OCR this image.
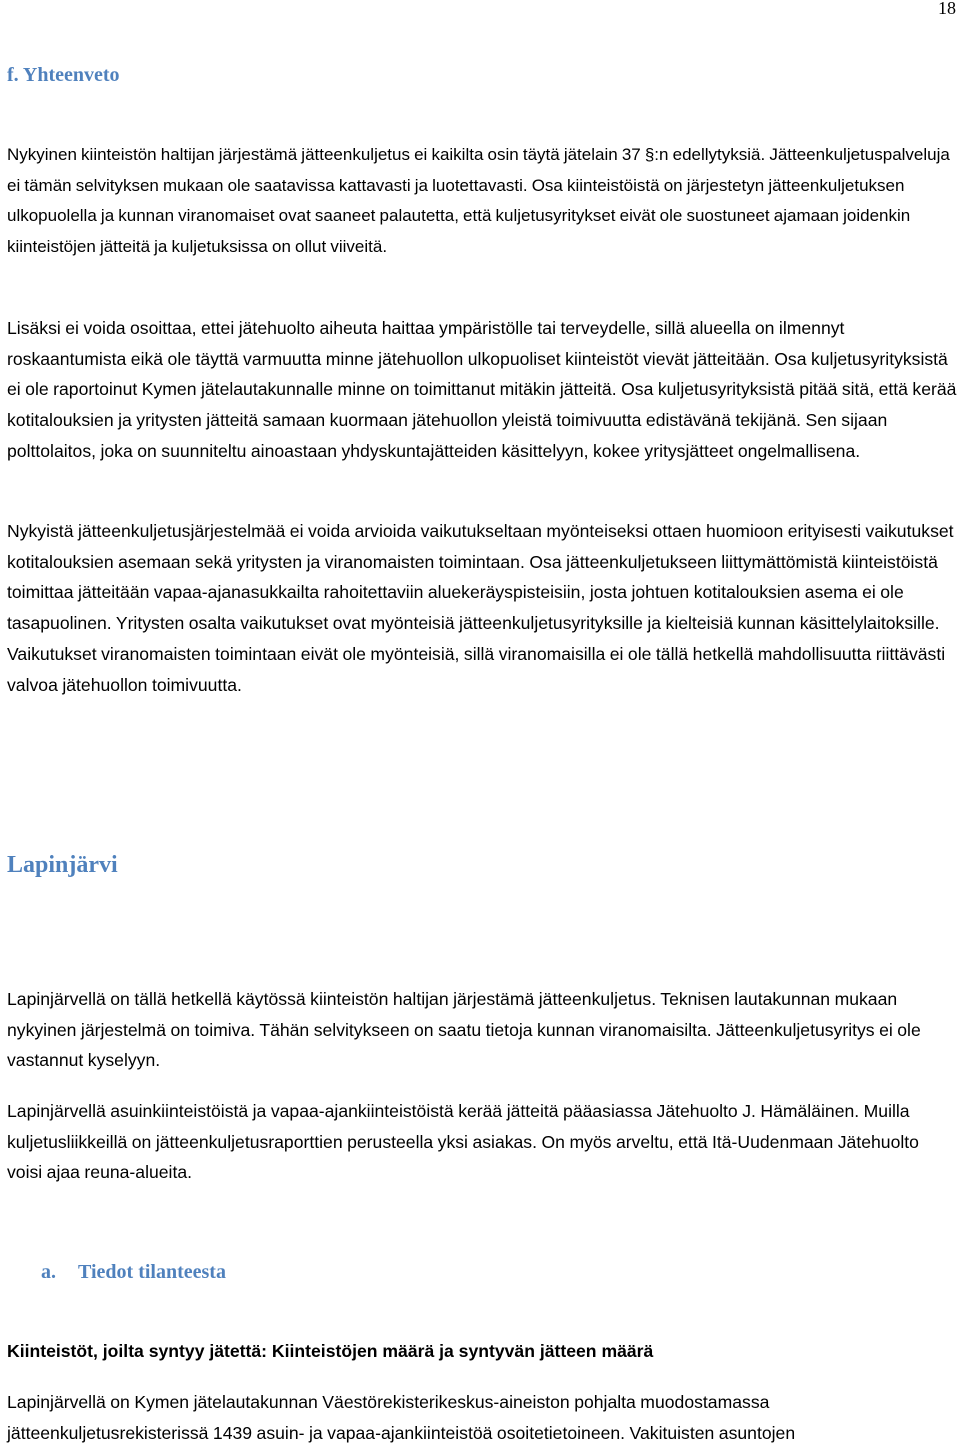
18
f. Yhteenveto

Nykyinen kiinteistön haltijan järjestämä jätteenkuljetus ei kaikilta osin täytä jätelain 37 §:n edellytyksiä. Jätteenkuljetuspalveluja ei tämän selvityksen mukaan ole saatavissa kattavasti ja luotettavasti. Osa kiinteistöistä on järjestetyn jätteenkuljetuksen ulkopuolella ja kunnan viranomaiset ovat saaneet palautetta, että kuljetusyritykset eivät ole suostuneet ajamaan joidenkin kiinteistöjen jätteitä ja kuljetuksissa on ollut viiveitä.

Lisäksi ei voida osoittaa, ettei jätehuolto aiheuta haittaa ympäristölle tai terveydelle, sillä alueella on ilmennyt roskaantumista eikä ole täyttä varmuutta minne jätehuollon ulkopuoliset kiinteistöt vievät jätteitään. Osa kuljetusyrityksistä ei ole raportoinut Kymen jätelautakunnalle minne on toimittanut mitäkin jätteitä. Osa kuljetusyrityksistä pitää sitä, että kerää kotitalouksien ja yritysten jätteitä samaan kuormaan jätehuollon yleistä toimivuutta edistävänä tekijänä. Sen sijaan polttolaitos, joka on suunniteltu ainoastaan yhdyskuntajätteiden käsittelyyn, kokee yritysjätteet ongelmallisena.

Nykyistä jätteenkuljetusjärjestelmää ei voida arvioida vaikutukseltaan myönteiseksi ottaen huomioon erityisesti vaikutukset kotitalouksien asemaan sekä yritysten ja viranomaisten toimintaan. Osa jätteenkuljetukseen liittymättömistä kiinteistöistä toimittaa jätteitään vapaa-ajanasukkailta rahoitettaviin aluekeräyspisteisiin, josta johtuen kotitalouksien asema ei ole tasapuolinen. Yritysten osalta vaikutukset ovat myönteisiä jätteenkuljetusyrityksille ja kielteisiä kunnan käsittelylaitoksille. Vaikutukset viranomaisten toimintaan eivät ole myönteisiä, sillä viranomaisilla ei ole tällä hetkellä mahdollisuutta riittävästi valvoa jätehuollon toimivuutta.

Lapinjärvi

Lapinjärvellä on tällä hetkellä käytössä kiinteistön haltijan järjestämä jätteenkuljetus. Teknisen lautakunnan mukaan nykyinen järjestelmä on toimiva. Tähän selvitykseen on saatu tietoja kunnan viranomaisilta. Jätteenkuljetusyritys ei ole vastannut kyselyyn.

Lapinjärvellä asuinkiinteistöistä ja vapaa-ajankiinteistöistä kerää jätteitä pääasiassa Jätehuolto J. Hämäläinen. Muilla kuljetusliikkeillä on jätteenkuljetusraporttien perusteella yksi asiakas. On myös arveltu, että Itä-Uudenmaan Jätehuolto voisi ajaa reuna-alueita.

a. Tiedot tilanteesta

Kiinteistöt, joilta syntyy jätettä: Kiinteistöjen määrä ja syntyvän jätteen määrä

Lapinjärvellä on Kymen jätelautakunnan Väestörekisterikeskus-aineiston pohjalta muodostamassa jätteenkuljetusrekisterissä 1439 asuin- ja vapaa-ajankiinteistöä osoitetietoineen. Vakituisten asuntojen
